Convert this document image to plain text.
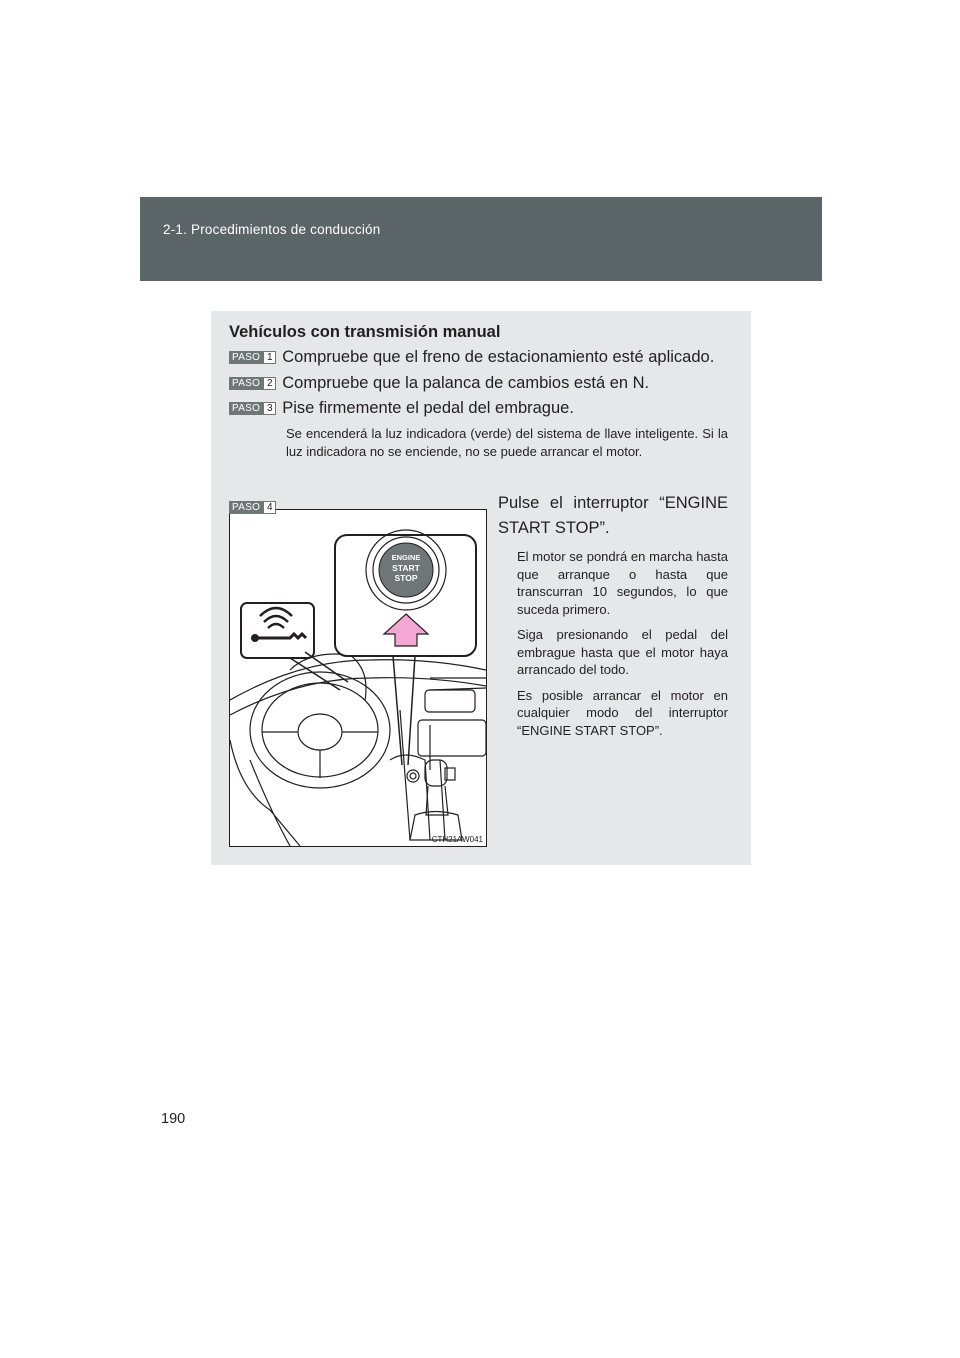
2-1. Procedimientos de conducción
Vehículos con transmisión manual
PASO 1 Compruebe que el freno de estacionamiento esté aplicado.
PASO 2 Compruebe que la palanca de cambios está en N.
PASO 3 Pise firmemente el pedal del embrague.
Se encenderá la luz indicadora (verde) del sistema de llave inteligente. Si la luz indicadora no se enciende, no se puede arrancar el motor.
ENGINE
START
STOP
CTH21AW041
PASO 4	Pulse el interruptor “ENGINE START STOP”.

El motor se pondrá en marcha hasta que arranque o hasta que transcurran 10 segundos, lo que suceda primero.

Siga presionando el pedal del embrague hasta que el motor haya arrancado del todo.

Es posible arrancar el motor en cualquier modo del interruptor “ENGINE START STOP”.

190
